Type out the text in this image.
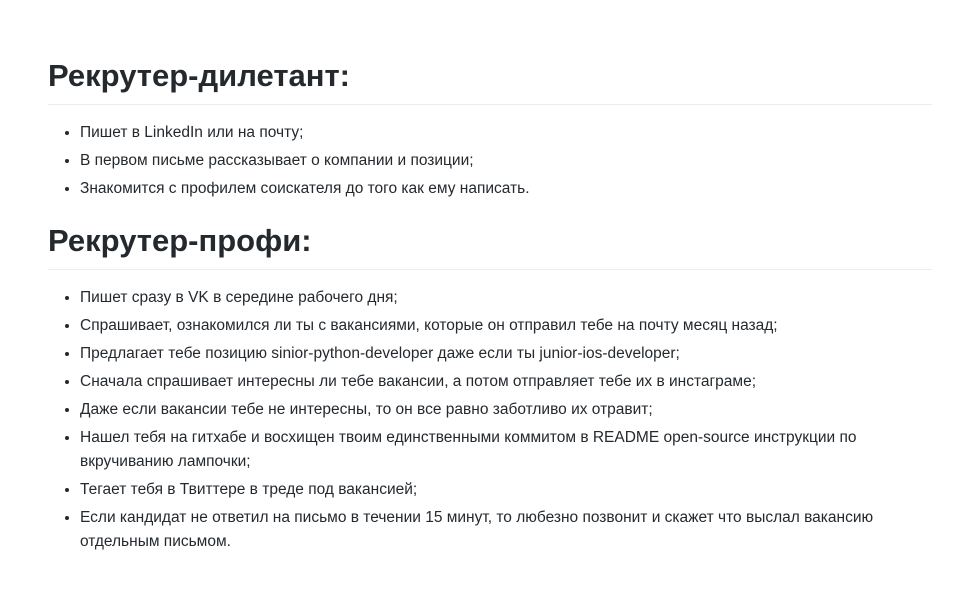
Рекрутер-дилетант:
• Пишет в LinkedIn или на почту;
• В первом письме рассказывает о компании и позиции;
• Знакомится с профилем соискателя до того как ему написать.
Рекрутер-профи:
• Пишет сразу в VK в середине рабочего дня;
• Спрашивает, ознакомился ли ты с вакансиями, которые он отправил тебе на почту месяц назад;
• Предлагает тебе позицию sinior-python-developer даже если ты junior-ios-developer;
• Сначала спрашивает интересны ли тебе вакансии, а потом отправляет тебе их в инстаграме;
• Даже если вакансии тебе не интересны, то он все равно заботливо их отравит;
• Нашел тебя на гитхабе и восхищен твоим единственными коммитом в README open-source инструкции по вкручиванию лампочки;
• Тегает тебя в Твиттере в треде под вакансией;
• Если кандидат не ответил на письмо в течении 15 минут, то любезно позвонит и скажет что выслал вакансию отдельным письмом.
